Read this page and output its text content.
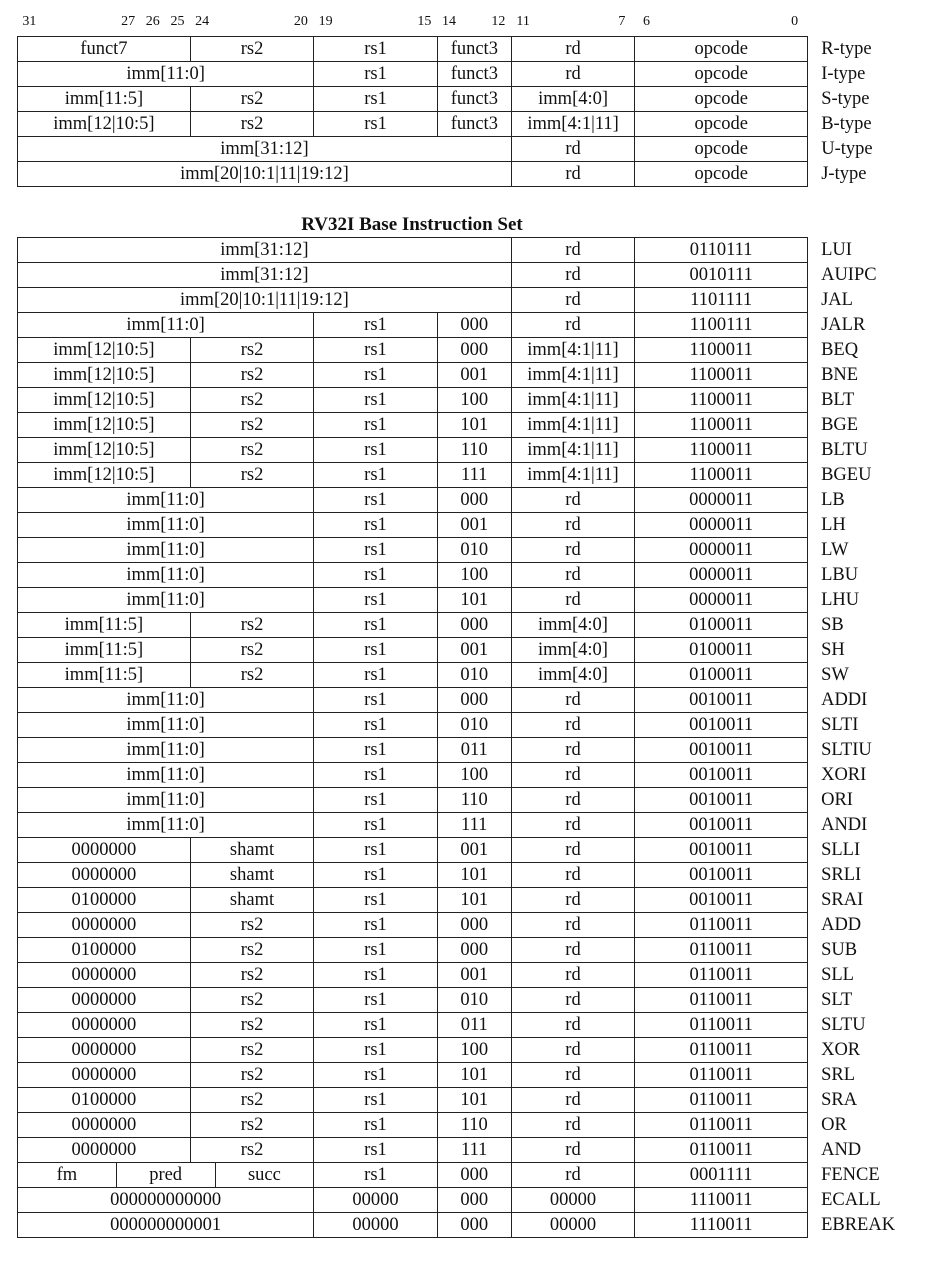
31	27 26 25 24	20 19	15 14	12 11	7 6	0
funct7	rs2	rs1	funct3	rd	opcode	R-type
imm[11:0]		rs1	funct3	rd	opcode	I-type
imm[11:5]	rs2	rs1	funct3	imm[4:0]	opcode	S-type
imm[12|10:5]	rs2	rs1	funct3	imm[4:1|11]	opcode	B-type
imm[31:12]				rd	opcode	U-type
imm[20|10:1|11|19:12]				rd	opcode	J-type
RV32I Base Instruction Set
imm[31:12]						rd	0110111	LUI
imm[31:12]						rd	0010111	AUIPC
imm[20|10:1|11|19:12]						rd	1101111	JAL
imm[11:0]				rs1	000	rd	1100111	JALR
imm[12|10:5]		rs2		rs1	000	imm[4:1|11]	1100011	BEQ
imm[12|10:5]		rs2		rs1	001	imm[4:1|11]	1100011	BNE
imm[12|10:5]		rs2		rs1	100	imm[4:1|11]	1100011	BLT
imm[12|10:5]		rs2		rs1	101	imm[4:1|11]	1100011	BGE
imm[12|10:5]		rs2		rs1	110	imm[4:1|11]	1100011	BLTU
imm[12|10:5]		rs2		rs1	111	imm[4:1|11]	1100011	BGEU
imm[11:0]				rs1	000	rd	0000011	LB
imm[11:0]				rs1	001	rd	0000011	LH
imm[11:0]				rs1	010	rd	0000011	LW
imm[11:0]				rs1	100	rd	0000011	LBU
imm[11:0]				rs1	101	rd	0000011	LHU
imm[11:5]		rs2		rs1	000	imm[4:0]	0100011	SB
imm[11:5]		rs2		rs1	001	imm[4:0]	0100011	SH
imm[11:5]		rs2		rs1	010	imm[4:0]	0100011	SW
imm[11:0]				rs1	000	rd	0010011	ADDI
imm[11:0]				rs1	010	rd	0010011	SLTI
imm[11:0]				rs1	011	rd	0010011	SLTIU
imm[11:0]				rs1	100	rd	0010011	XORI
imm[11:0]				rs1	110	rd	0010011	ORI
imm[11:0]				rs1	111	rd	0010011	ANDI
0000000		shamt		rs1	001	rd	0010011	SLLI
0000000		shamt		rs1	101	rd	0010011	SRLI
0100000		shamt		rs1	101	rd	0010011	SRAI
0000000		rs2		rs1	000	rd	0110011	ADD
0100000		rs2		rs1	000	rd	0110011	SUB
0000000		rs2		rs1	001	rd	0110011	SLL
0000000		rs2		rs1	010	rd	0110011	SLT
0000000		rs2		rs1	011	rd	0110011	SLTU
0000000		rs2		rs1	100	rd	0110011	XOR
0000000		rs2		rs1	101	rd	0110011	SRL
0100000		rs2		rs1	101	rd	0110011	SRA
0000000		rs2		rs1	110	rd	0110011	OR
0000000		rs2		rs1	111	rd	0110011	AND
fm	pred		succ	rs1	000	rd	0001111	FENCE
000000000000				00000	000	00000	1110011	ECALL
000000000001				00000	000	00000	1110011	EBREAK
